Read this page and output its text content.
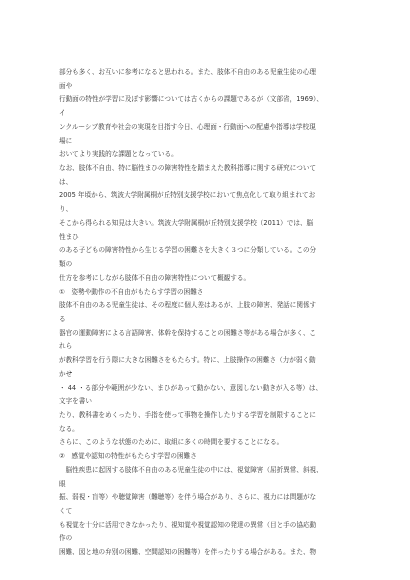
部分も多く、お互いに参考になると思われる。また、肢体不自由のある児童生徒の心理
面や
行動面の特性が学習に及ぼす影響については古くからの課題であるが（文部省，1969）、
イ
ンクルーシブ教育や社会の実現を目指す今日、心理面・行動面への配慮や指導は学校現
場に
おいてより実践的な課題となっている。
なお、肢体不自由、特に脳性まひの障害特性を踏まえた教科指導に関する研究について
は、
2005 年頃から、筑波大学附属桐が丘特別支援学校において焦点化して取り組まれてお
り、
そこから得られる知見は大きい。筑波大学附属桐が丘特別支援学校（2011）では、脳
性まひ
のある子どもの障害特性から生じる学習の困難さを大きく３つに分類している。この分
類の
仕方を参考にしながら肢体不自由の障害特性について概観する。
①　姿勢や動作の不自由がもたらす学習の困難さ
肢体不自由のある児童生徒は、その程度に個人差はあるが、上肢の障害、発話に関係す
る
器官の運動障害による言語障害、体幹を保持することの困難さ等がある場合が多く、こ
れら
が教科学習を行う際に大きな困難さをもたらす。特に、上肢操作の困難さ（力が弱く動
かせ
・ 44 ・る部分や範囲が少ない、まひがあって動かない、意図しない動きが入る等）は、
文字を書い
たり、教科書をめくったり、手指を使って事物を操作したりする学習を制限することに
なる。
さらに、このような状態のために、取組に多くの時間を要することになる。
②　感覚や認知の特性がもたらす学習の困難さ
　脳性疾患に起因する肢体不自由のある児童生徒の中には、視覚障害（屈折異常、斜視、
眼
振、弱視・盲等）や聴覚障害（難聴等）を伴う場合があり、さらに、視力には問題がな
くて
も視覚を十分に活用できなかったり、視知覚や視覚認知の発達の異常（目と手の協応動
作の
困難、図と地の弁別の困難、空間認知の困難等）を伴ったりする場合がある。また、物
